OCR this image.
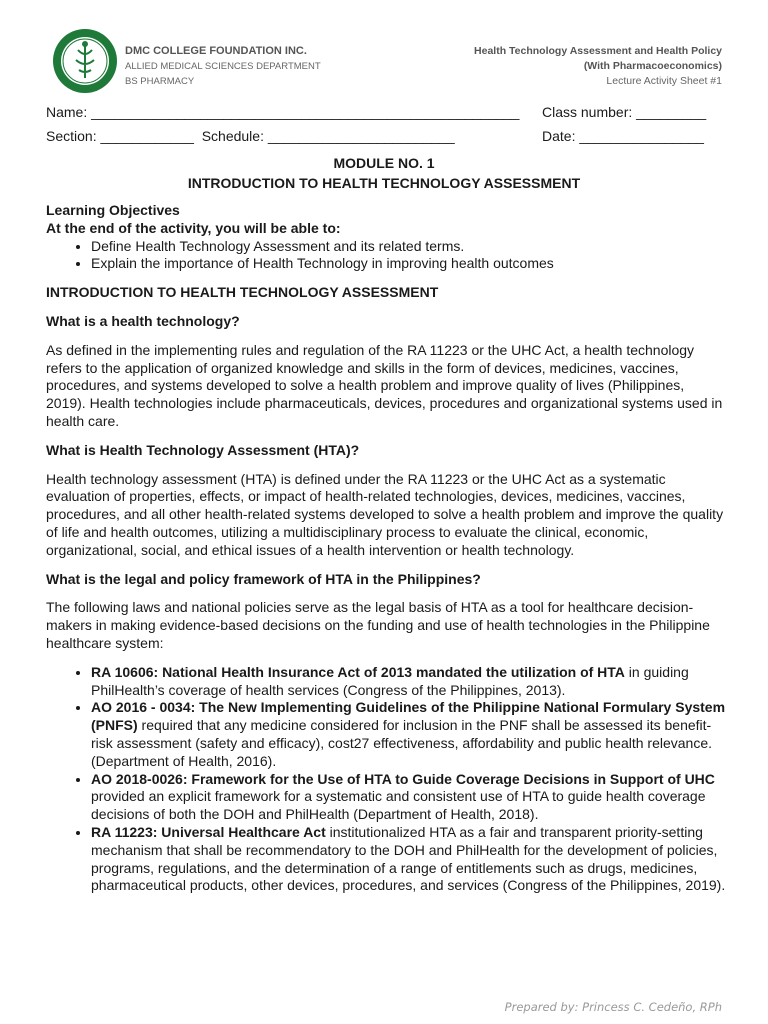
DMC COLLEGE FOUNDATION INC.
ALLIED MEDICAL SCIENCES DEPARTMENT
BS PHARMACY
Health Technology Assessment and Health Policy
(With Pharmacoeconomics)
Lecture Activity Sheet #1
Name: _______________________________________________________ Class number: _________
Section: ____________  Schedule: ________________________	Date: ________________
MODULE NO. 1
INTRODUCTION TO HEALTH TECHNOLOGY ASSESSMENT

Learning Objectives

At the end of the activity, you will be able to:

• Define Health Technology Assessment and its related terms.
• Explain the importance of Health Technology in improving health outcomes

INTRODUCTION TO HEALTH TECHNOLOGY ASSESSMENT

What is a health technology?

As defined in the implementing rules and regulation of the RA 11223 or the UHC Act, a health technology refers to the application of organized knowledge and skills in the form of devices, medicines, vaccines, procedures, and systems developed to solve a health problem and improve quality of lives (Philippines, 2019). Health technologies include pharmaceuticals, devices, procedures and organizational systems used in health care.

What is Health Technology Assessment (HTA)?

Health technology assessment (HTA) is defined under the RA 11223 or the UHC Act as a systematic evaluation of properties, effects, or impact of health-related technologies, devices, medicines, vaccines, procedures, and all other health-related systems developed to solve a health problem and improve the quality of life and health outcomes, utilizing a multidisciplinary process to evaluate the clinical, economic, organizational, social, and ethical issues of a health intervention or health technology.

What is the legal and policy framework of HTA in the Philippines?

The following laws and national policies serve as the legal basis of HTA as a tool for healthcare decision-makers in making evidence-based decisions on the funding and use of health technologies in the Philippine healthcare system:

• RA 10606: National Health Insurance Act of 2013 mandated the utilization of HTA in guiding PhilHealth’s coverage of health services (Congress of the Philippines, 2013).
• AO 2016 - 0034: The New Implementing Guidelines of the Philippine National Formulary System (PNFS) required that any medicine considered for inclusion in the PNF shall be assessed its benefit-risk assessment (safety and efficacy), cost27 effectiveness, affordability and public health relevance. (Department of Health, 2016).
• AO 2018-0026: Framework for the Use of HTA to Guide Coverage Decisions in Support of UHC provided an explicit framework for a systematic and consistent use of HTA to guide health coverage decisions of both the DOH and PhilHealth (Department of Health, 2018).
• RA 11223: Universal Healthcare Act institutionalized HTA as a fair and transparent priority-setting mechanism that shall be recommendatory to the DOH and PhilHealth for the development of policies, programs, regulations, and the determination of a range of entitlements such as drugs, medicines, pharmaceutical products, other devices, procedures, and services (Congress of the Philippines, 2019).
Prepared by: Princess C. Cedeño, RPh
